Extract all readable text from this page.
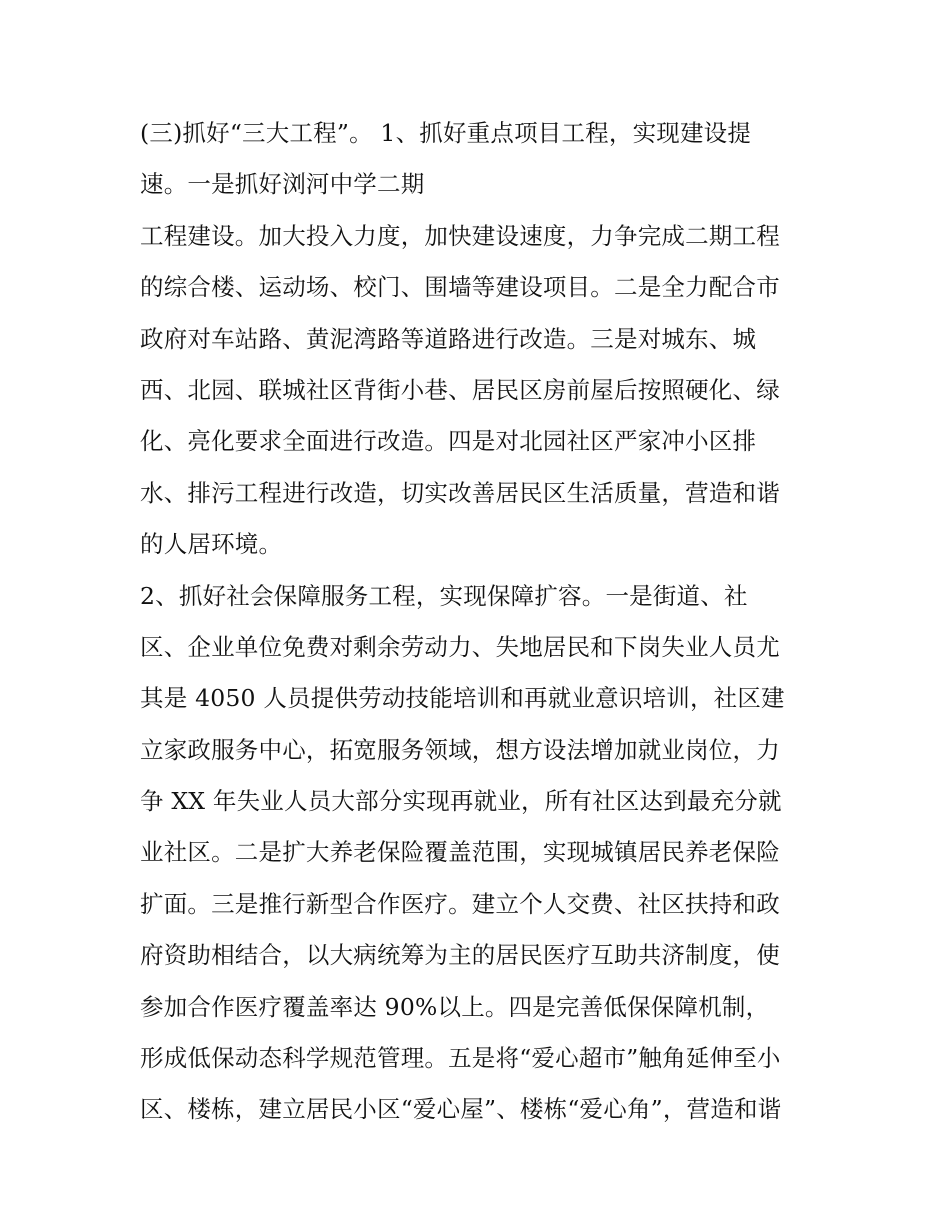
(三)抓好“三大工程”。 1、抓好重点项目工程，实现建设提
速。一是抓好浏河中学二期
工程建设。加大投入力度，加快建设速度，力争完成二期工程
的综合楼、运动场、校门、围墙等建设项目。二是全力配合市
政府对车站路、黄泥湾路等道路进行改造。三是对城东、城
西、北园、联城社区背街小巷、居民区房前屋后按照硬化、绿
化、亮化要求全面进行改造。四是对北园社区严家冲小区排
水、排污工程进行改造，切实改善居民区生活质量，营造和谐
的人居环境。
2、抓好社会保障服务工程，实现保障扩容。一是街道、社
区、企业单位免费对剩余劳动力、失地居民和下岗失业人员尤
其是 4050 人员提供劳动技能培训和再就业意识培训，社区建
立家政服务中心，拓宽服务领域，想方设法增加就业岗位，力
争 XX 年失业人员大部分实现再就业，所有社区达到最充分就
业社区。二是扩大养老保险覆盖范围，实现城镇居民养老保险
扩面。三是推行新型合作医疗。建立个人交费、社区扶持和政
府资助相结合，以大病统筹为主的居民医疗互助共济制度，使
参加合作医疗覆盖率达 90%以上。四是完善低保保障机制，
形成低保动态科学规范管理。五是将“爱心超市”触角延伸至小
区、楼栋，建立居民小区“爱心屋”、楼栋“爱心角”，营造和谐
